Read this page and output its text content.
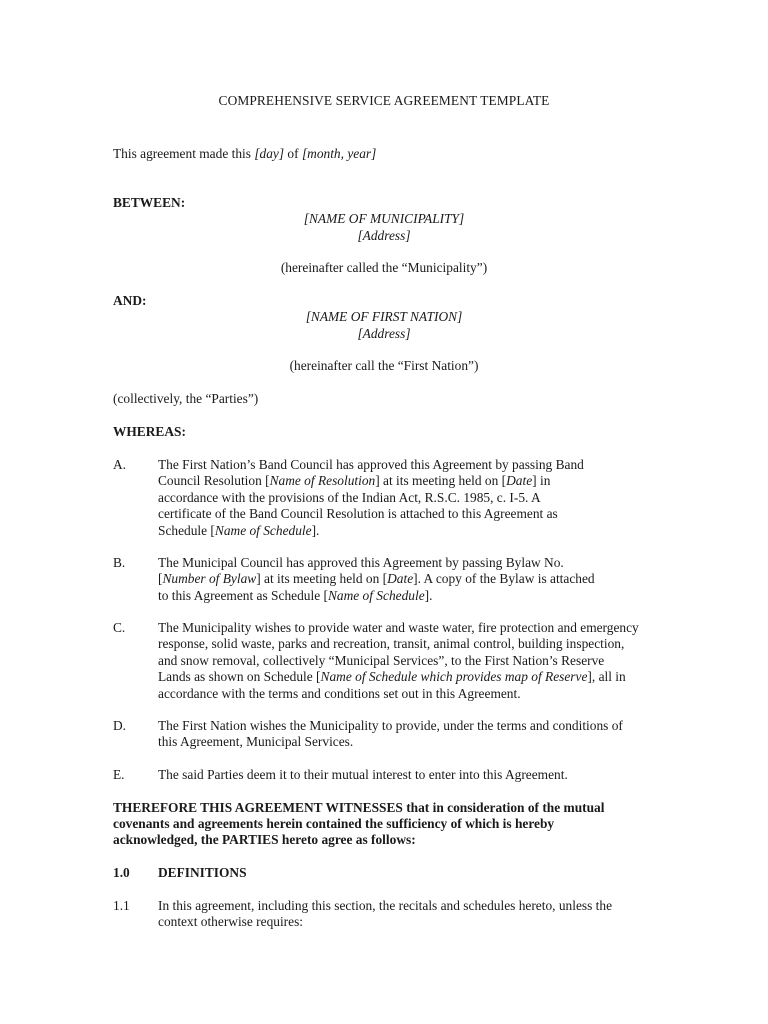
COMPREHENSIVE SERVICE AGREEMENT TEMPLATE
This agreement made this [day] of [month, year]
BETWEEN:
[NAME OF MUNICIPALITY]
[Address]
(hereinafter called the “Municipality”)
AND:
[NAME OF FIRST NATION]
[Address]
(hereinafter call the “First Nation”)
(collectively, the “Parties”)
WHEREAS:
A. The First Nation’s Band Council has approved this Agreement by passing Band
Council Resolution [Name of Resolution] at its meeting held on [Date] in
accordance with the provisions of the Indian Act, R.S.C. 1985, c. I-5. A
certificate of the Band Council Resolution is attached to this Agreement as
Schedule [Name of Schedule].
B. The Municipal Council has approved this Agreement by passing Bylaw No.
[Number of Bylaw] at its meeting held on [Date]. A copy of the Bylaw is attached
to this Agreement as Schedule [Name of Schedule].
C. The Municipality wishes to provide water and waste water, fire protection and emergency
response, solid waste, parks and recreation, transit, animal control, building inspection,
and snow removal, collectively “Municipal Services”, to the First Nation’s Reserve
Lands as shown on Schedule [Name of Schedule which provides map of Reserve], all in
accordance with the terms and conditions set out in this Agreement.
D. The First Nation wishes the Municipality to provide, under the terms and conditions of
this Agreement, Municipal Services.
E. The said Parties deem it to their mutual interest to enter into this Agreement.
THEREFORE THIS AGREEMENT WITNESSES that in consideration of the mutual
covenants and agreements herein contained the sufficiency of which is hereby
acknowledged, the PARTIES hereto agree as follows:
1.0 DEFINITIONS
1.1 In this agreement, including this section, the recitals and schedules hereto, unless the
context otherwise requires:
